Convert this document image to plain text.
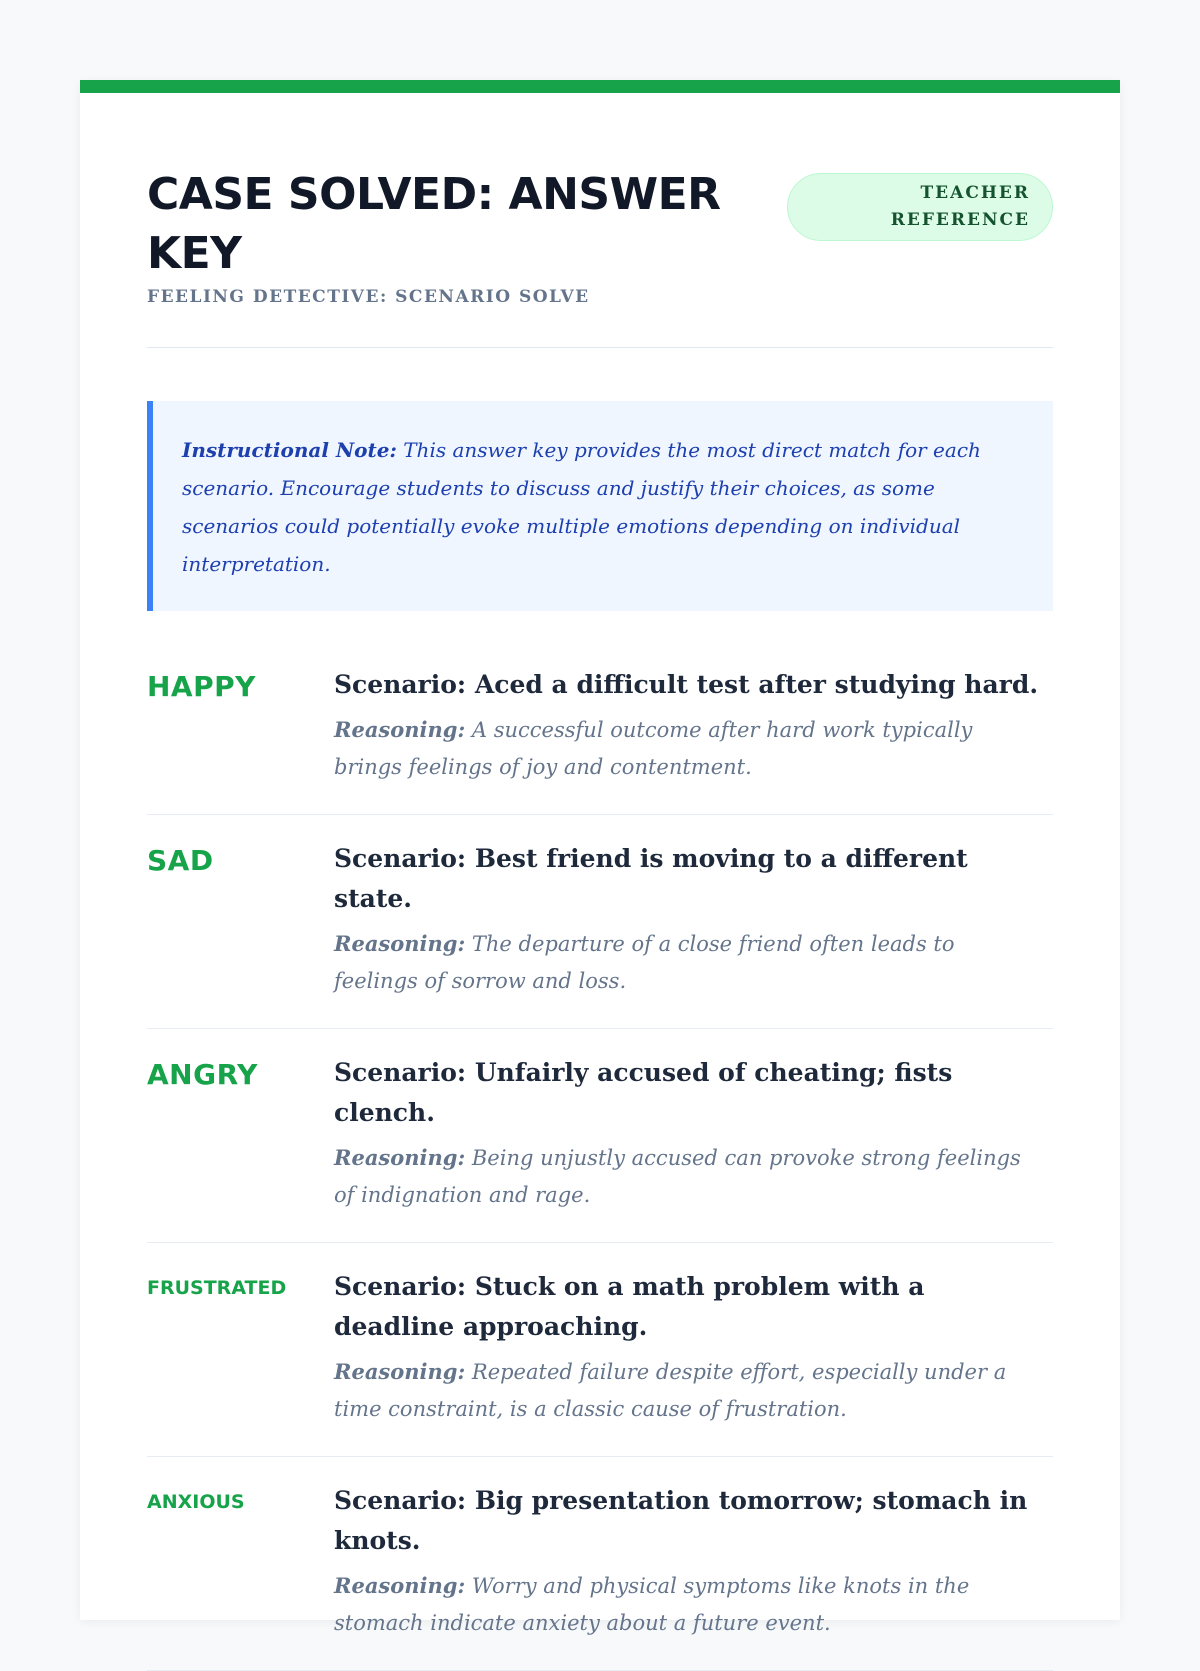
CASE SOLVED: ANSWER KEY
TEACHER REFERENCE
FEELING DETECTIVE: SCENARIO SOLVE
Instructional Note: This answer key provides the most direct match for each scenario. Encourage students to discuss and justify their choices, as some scenarios could potentially evoke multiple emotions depending on individual interpretation.
HAPPY	Scenario: Aced a difficult test after studying hard.
Reasoning: A successful outcome after hard work typically brings feelings of joy and contentment.
SAD	Scenario: Best friend is moving to a different state.
Reasoning: The departure of a close friend often leads to feelings of sorrow and loss.
ANGRY	Scenario: Unfairly accused of cheating; fists clench.
Reasoning: Being unjustly accused can provoke strong feelings of indignation and rage.
FRUSTRATED	Scenario: Stuck on a math problem with a deadline approaching.
Reasoning: Repeated failure despite effort, especially under a time constraint, is a classic cause of frustration.
ANXIOUS	Scenario: Big presentation tomorrow; stomach in knots.
Reasoning: Worry and physical symptoms like knots in the stomach indicate anxiety about a future event.
